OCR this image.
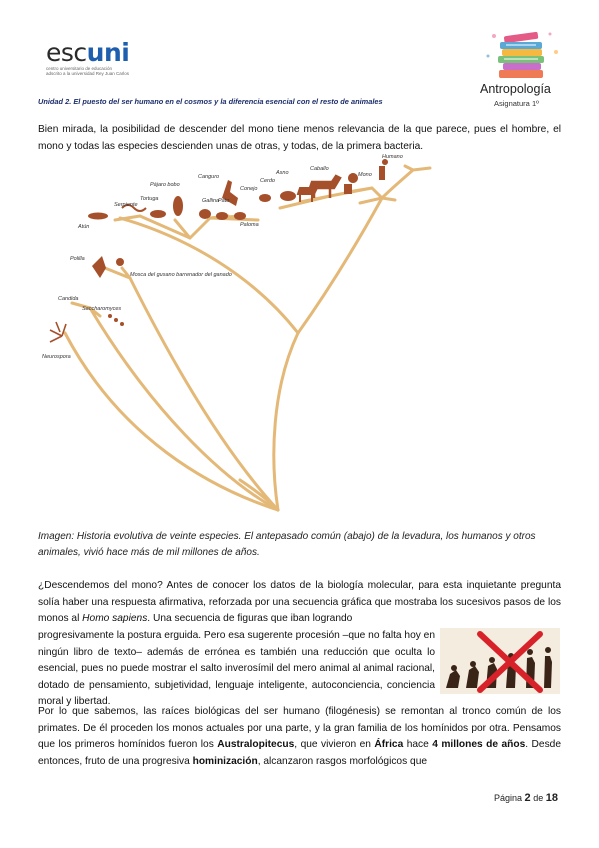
escuni
centro universitario de educación
adscrito a la universidad Rey Juan Carlos
Antropología
Asignatura 1º
Unidad 2. El puesto del ser humano en el cosmos y la diferencia esencial con el resto de animales

Bien mirada, la posibilidad de descender del mono tiene menos relevancia de la que parece, pues el hombre, el mono y todas las especies descienden unas de otras, y todas, de la primera bacteria.

Humano
Mono
Caballo
Asno
Cerdo
Conejo
Canguro
Pájaro bobo
Tortuga	Gallina
Pato
Serpiente
Atún	Paloma
Polilla
Mosca del gusano barrenador del ganado
Candida
Saccharomyces
Neurospora
Imagen: Historia evolutiva de veinte especies. El antepasado común (abajo) de la levadura, los humanos y otros animales, vivió hace más de mil millones de años.

¿Descendemos del mono? Antes de conocer los datos de la biología molecular, para esta inquietante pregunta solía haber una respuesta afirmativa, reforzada por una secuencia gráfica que mostraba los sucesivos pasos de los monos al Homo sapiens. Una secuencia de figuras que iban logrando

progresivamente la postura erguida. Pero esa sugerente procesión –que no falta hoy en ningún libro de texto– además de errónea es también una reducción que oculta lo esencial, pues no puede mostrar el salto inverosímil del mero animal al animal racional, dotado de pensamiento, subjetividad, lenguaje inteligente, autoconciencia, conciencia moral y libertad.

Por lo que sabemos, las raíces biológicas del ser humano (filogénesis) se remontan al tronco común de los primates. De él proceden los monos actuales por una parte, y la gran familia de los homínidos por otra. Pensamos que los primeros homínidos fueron los Australopitecus, que vivieron en África hace 4 millones de años. Desde entonces, fruto de una progresiva hominización, alcanzaron rasgos morfológicos que

Página 2 de 18
